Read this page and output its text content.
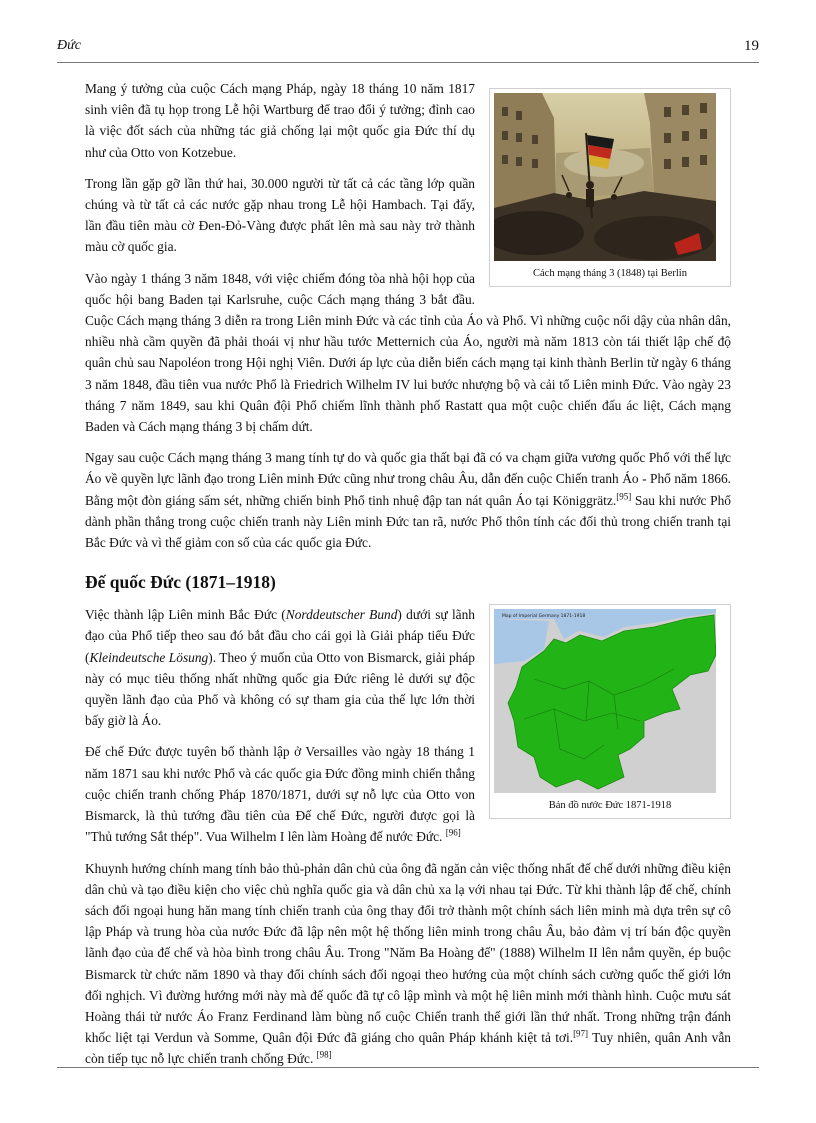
Đức	19
Cách mạng tháng 3 (1848) tại Berlin

Mang ý tưởng của cuộc Cách mạng Pháp, ngày 18 tháng 10 năm 1817 sinh viên đã tụ họp trong Lễ hội Wartburg để trao đổi ý tưởng; đỉnh cao là việc đốt sách của những tác giả chống lại một quốc gia Đức thí dụ như của Otto von Kotzebue.

Trong lần gặp gỡ lần thứ hai, 30.000 người từ tất cả các tầng lớp quần chúng và từ tất cả các nước gặp nhau trong Lễ hội Hambach. Tại đấy, lần đầu tiên màu cờ Đen-Đỏ-Vàng được phất lên mà sau này trở thành màu cờ quốc gia.

Vào ngày 1 tháng 3 năm 1848, với việc chiếm đóng tòa nhà hội họp của quốc hội bang Baden tại Karlsruhe, cuộc Cách mạng tháng 3 bắt đầu. Cuộc Cách mạng tháng 3 diễn ra trong Liên minh Đức và các tỉnh của Áo và Phổ. Vì những cuộc nổi dậy của nhân dân, nhiều nhà cầm quyền đã phải thoái vị như hầu tước Metternich của Áo, người mà năm 1813 còn tái thiết lập chế độ quân chủ sau Napoléon trong Hội nghị Viên. Dưới áp lực của diễn biến cách mạng tại kinh thành Berlin từ ngày 6 tháng 3 năm 1848, đầu tiên vua nước Phổ là Friedrich Wilhelm IV lui bước nhượng bộ và cải tổ Liên minh Đức. Vào ngày 23 tháng 7 năm 1849, sau khi Quân đội Phổ chiếm lĩnh thành phố Rastatt qua một cuộc chiến đấu ác liệt, Cách mạng Baden và Cách mạng tháng 3 bị chấm dứt.

Ngay sau cuộc Cách mạng tháng 3 mang tính tự do và quốc gia thất bại đã có va chạm giữa vương quốc Phổ với thế lực Áo về quyền lực lãnh đạo trong Liên minh Đức cũng như trong châu Âu, dẫn đến cuộc Chiến tranh Áo - Phổ năm 1866. Bằng một đòn giáng sấm sét, những chiến binh Phổ tinh nhuệ đập tan nát quân Áo tại Königgrätz.[95] Sau khi nước Phổ dành phần thắng trong cuộc chiến tranh này Liên minh Đức tan rã, nước Phổ thôn tính các đối thủ trong chiến tranh tại Bắc Đức và vì thế giảm con số của các quốc gia Đức.

Đế quốc Đức (1871–1918)
Map of Imperial Germany 1871-1918
Bản đồ nước Đức 1871-1918

Việc thành lập Liên minh Bắc Đức (Norddeutscher Bund) dưới sự lãnh đạo của Phổ tiếp theo sau đó bắt đầu cho cái gọi là Giải pháp tiểu Đức (Kleindeutsche Lösung). Theo ý muốn của Otto von Bismarck, giải pháp này có mục tiêu thống nhất những quốc gia Đức riêng lẻ dưới sự độc quyền lãnh đạo của Phổ và không có sự tham gia của thế lực lớn thời bấy giờ là Áo.

Đế chế Đức được tuyên bố thành lập ở Versailles vào ngày 18 tháng 1 năm 1871 sau khi nước Phổ và các quốc gia Đức đồng minh chiến thắng cuộc chiến tranh chống Pháp 1870/1871, dưới sự nỗ lực của Otto von Bismarck, là thủ tướng đầu tiên của Đế chế Đức, người được gọi là "Thủ tướng Sắt thép". Vua Wilhelm I lên làm Hoàng đế nước Đức. [96]

Khuynh hướng chính mang tính bảo thủ-phản dân chủ của ông đã ngăn cản việc thống nhất đế chế dưới những điều kiện dân chủ và tạo điều kiện cho việc chủ nghĩa quốc gia và dân chủ xa lạ với nhau tại Đức. Từ khi thành lập đế chế, chính sách đối ngoại hung hăn mang tính chiến tranh của ông thay đổi trở thành một chính sách liên minh mà dựa trên sự cô lập Pháp và trung hòa của nước Đức đã lập nên một hệ thống liên minh trong châu Âu, bảo đảm vị trí bán độc quyền lãnh đạo của đế chế và hòa bình trong châu Âu. Trong "Năm Ba Hoàng đế" (1888) Wilhelm II lên nắm quyền, ép buộc Bismarck từ chức năm 1890 và thay đổi chính sách đối ngoại theo hướng của một chính sách cường quốc thế giới lớn đối nghịch. Vì đường hướng mới này mà đế quốc đã tự cô lập mình và một hệ liên minh mới thành hình. Cuộc mưu sát Hoàng thái tử nước Áo Franz Ferdinand làm bùng nổ cuộc Chiến tranh thế giới lần thứ nhất. Trong những trận đánh khốc liệt tại Verdun và Somme, Quân đội Đức đã giáng cho quân Pháp khánh kiệt tả tơi.[97] Tuy nhiên, quân Anh vẫn còn tiếp tục nỗ lực chiến tranh chống Đức. [98]
